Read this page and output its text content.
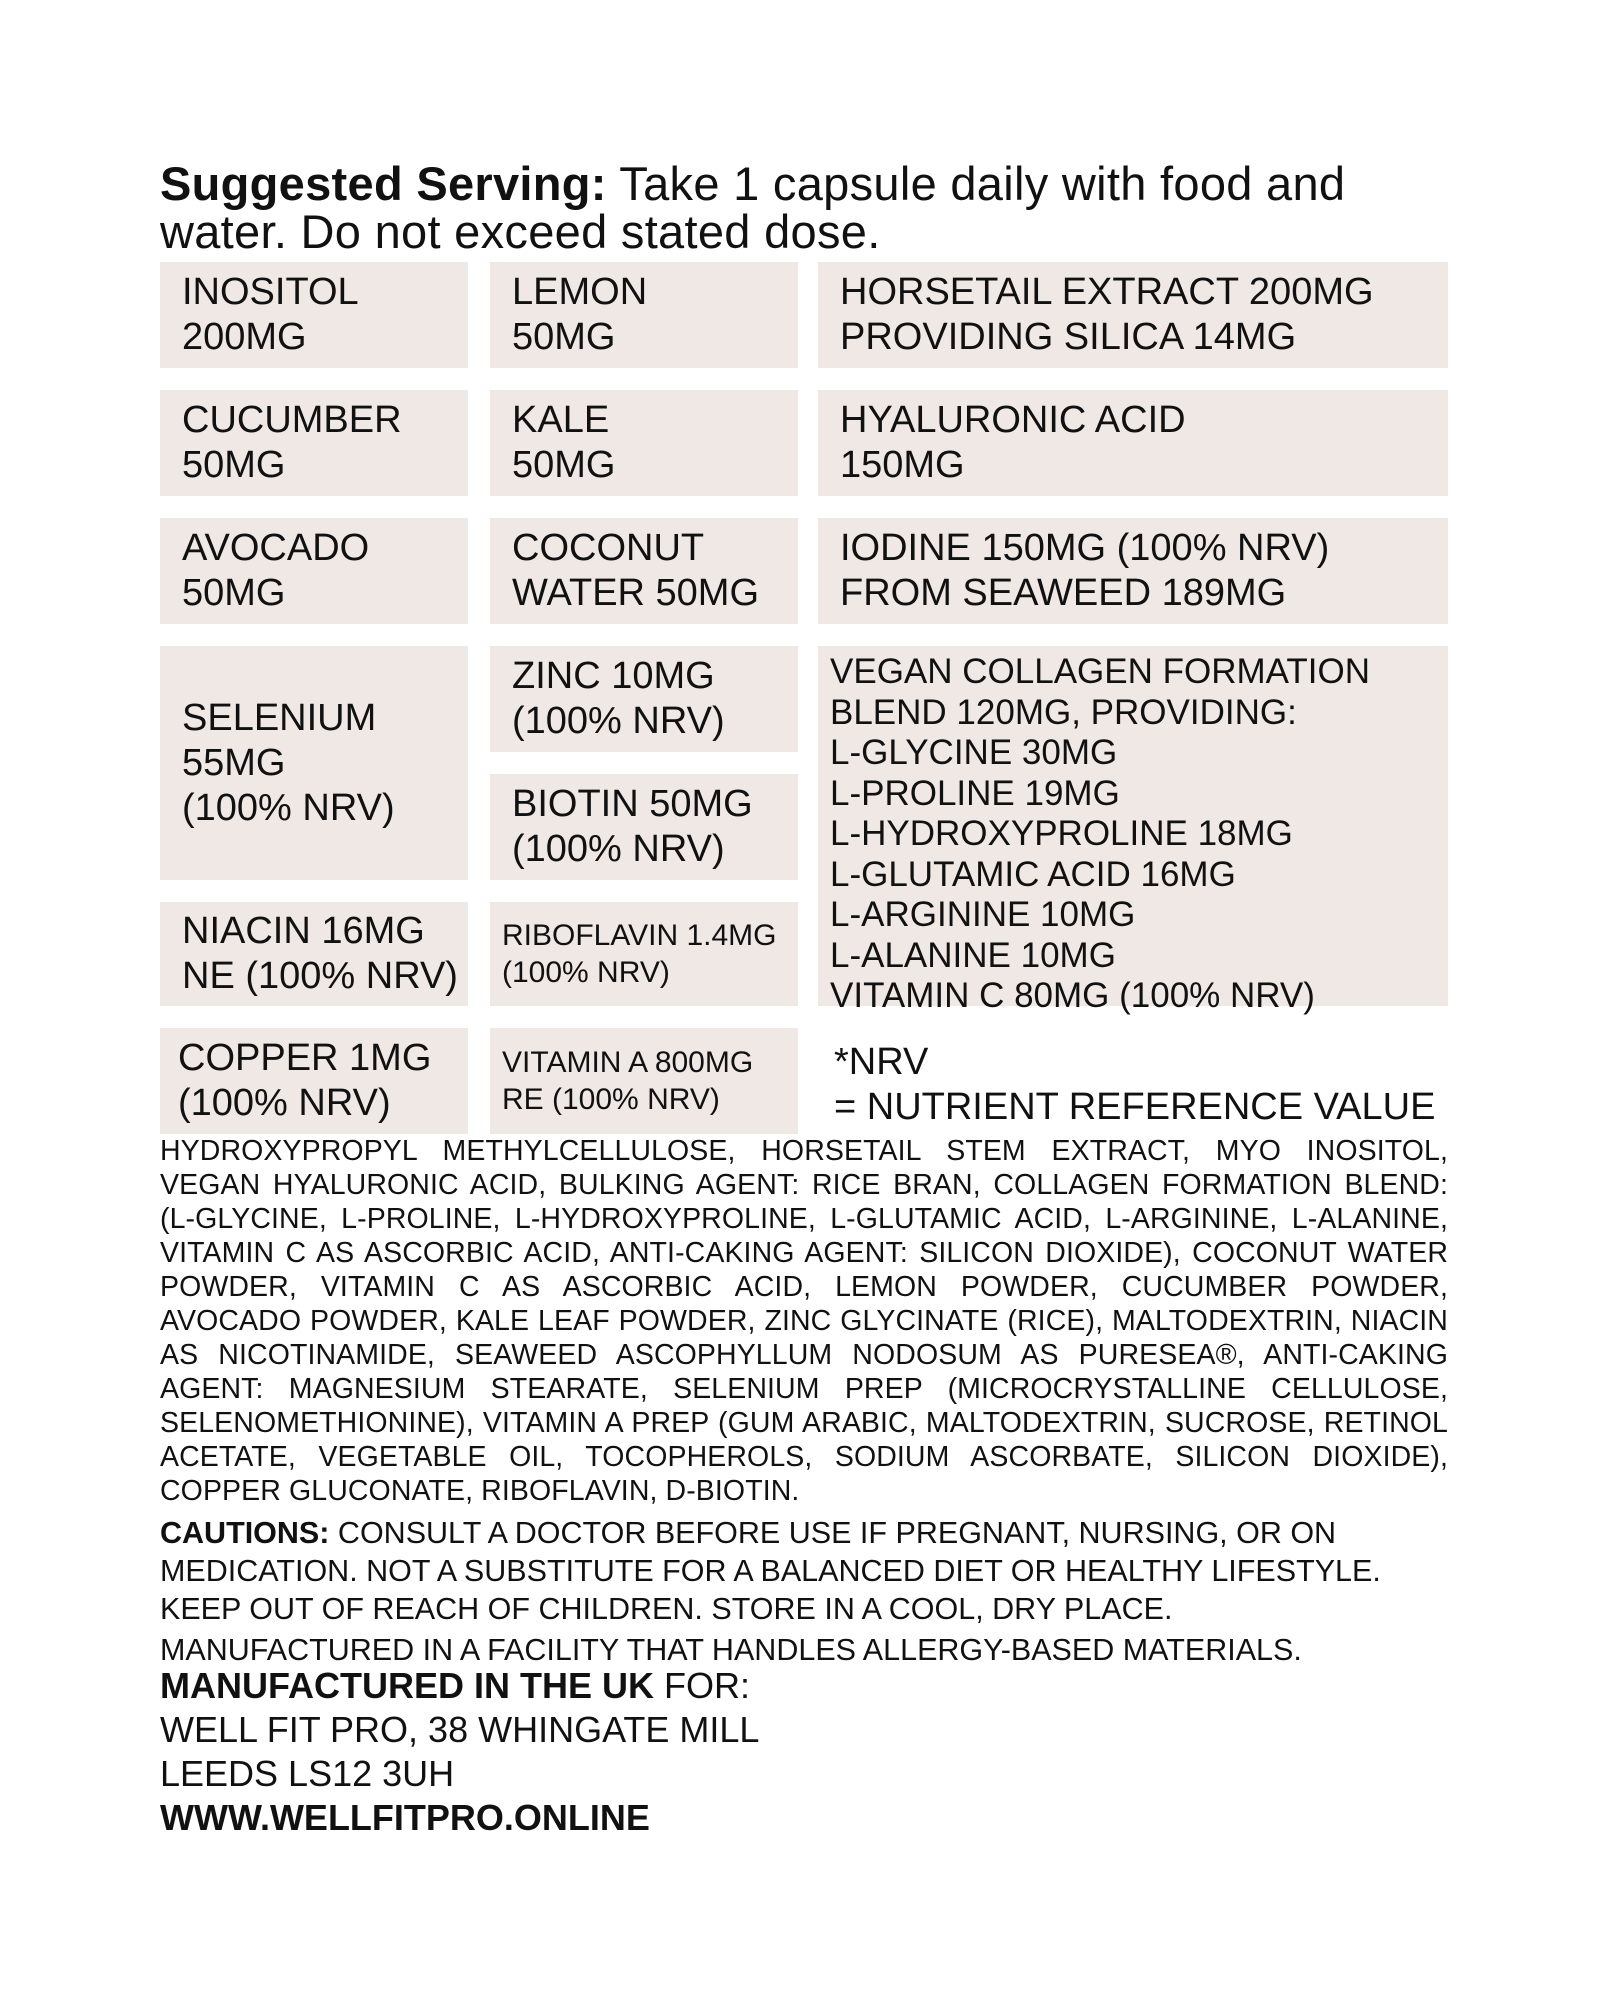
Suggested Serving: Take 1 capsule daily with food and water. Do not exceed stated dose.
INOSITOL
200MG
LEMON
50MG
HORSETAIL EXTRACT 200MG
PROVIDING SILICA 14MG
CUCUMBER
50MG
KALE
50MG
HYALURONIC ACID
150MG
AVOCADO
50MG
COCONUT
WATER 50MG
IODINE 150MG (100% NRV)
FROM SEAWEED 189MG
SELENIUM
55MG
(100% NRV)
ZINC 10MG
(100% NRV)
BIOTIN 50MG
(100% NRV)
VEGAN COLLAGEN FORMATION
BLEND 120MG, PROVIDING:
L-GLYCINE 30MG
L-PROLINE 19MG
L-HYDROXYPROLINE 18MG
L-GLUTAMIC ACID 16MG
L-ARGININE 10MG
L-ALANINE 10MG
VITAMIN C 80MG (100% NRV)
NIACIN 16MG
NE (100% NRV)
RIBOFLAVIN 1.4MG
(100% NRV)
COPPER 1MG
(100% NRV)
VITAMIN A 800MG
RE (100% NRV)
*NRV
= NUTRIENT REFERENCE VALUE
HYDROXYPROPYL METHYLCELLULOSE, HORSETAIL STEM EXTRACT, MYO INOSITOL, VEGAN HYALURONIC ACID, BULKING AGENT: RICE BRAN, COLLAGEN FORMATION BLEND: (L-GLYCINE, L-PROLINE, L-HYDROXYPROLINE, L-GLUTAMIC ACID, L-ARGININE, L-ALANINE, VITAMIN C AS ASCORBIC ACID, ANTI-CAKING AGENT: SILICON DIOXIDE), COCONUT WATER POWDER, VITAMIN C AS ASCORBIC ACID, LEMON POWDER, CUCUMBER POWDER, AVOCADO POWDER, KALE LEAF POWDER, ZINC GLYCINATE (RICE), MALTODEXTRIN, NIACIN AS NICOTINAMIDE, SEAWEED ASCOPHYLLUM NODOSUM AS PURESEA®, ANTI-CAKING AGENT: MAGNESIUM STEARATE, SELENIUM PREP (MICROCRYSTALLINE CELLULOSE, SELENOMETHIONINE), VITAMIN A PREP (GUM ARABIC, MALTODEXTRIN, SUCROSE, RETINOL ACETATE, VEGETABLE OIL, TOCOPHEROLS, SODIUM ASCORBATE, SILICON DIOXIDE), COPPER GLUCONATE, RIBOFLAVIN, D-BIOTIN.
CAUTIONS: CONSULT A DOCTOR BEFORE USE IF PREGNANT, NURSING, OR ON MEDICATION. NOT A SUBSTITUTE FOR A BALANCED DIET OR HEALTHY LIFESTYLE. KEEP OUT OF REACH OF CHILDREN. STORE IN A COOL, DRY PLACE.
MANUFACTURED IN A FACILITY THAT HANDLES ALLERGY-BASED MATERIALS.
MANUFACTURED IN THE UK FOR:
WELL FIT PRO, 38 WHINGATE MILL
LEEDS LS12 3UH
WWW.WELLFITPRO.ONLINE
